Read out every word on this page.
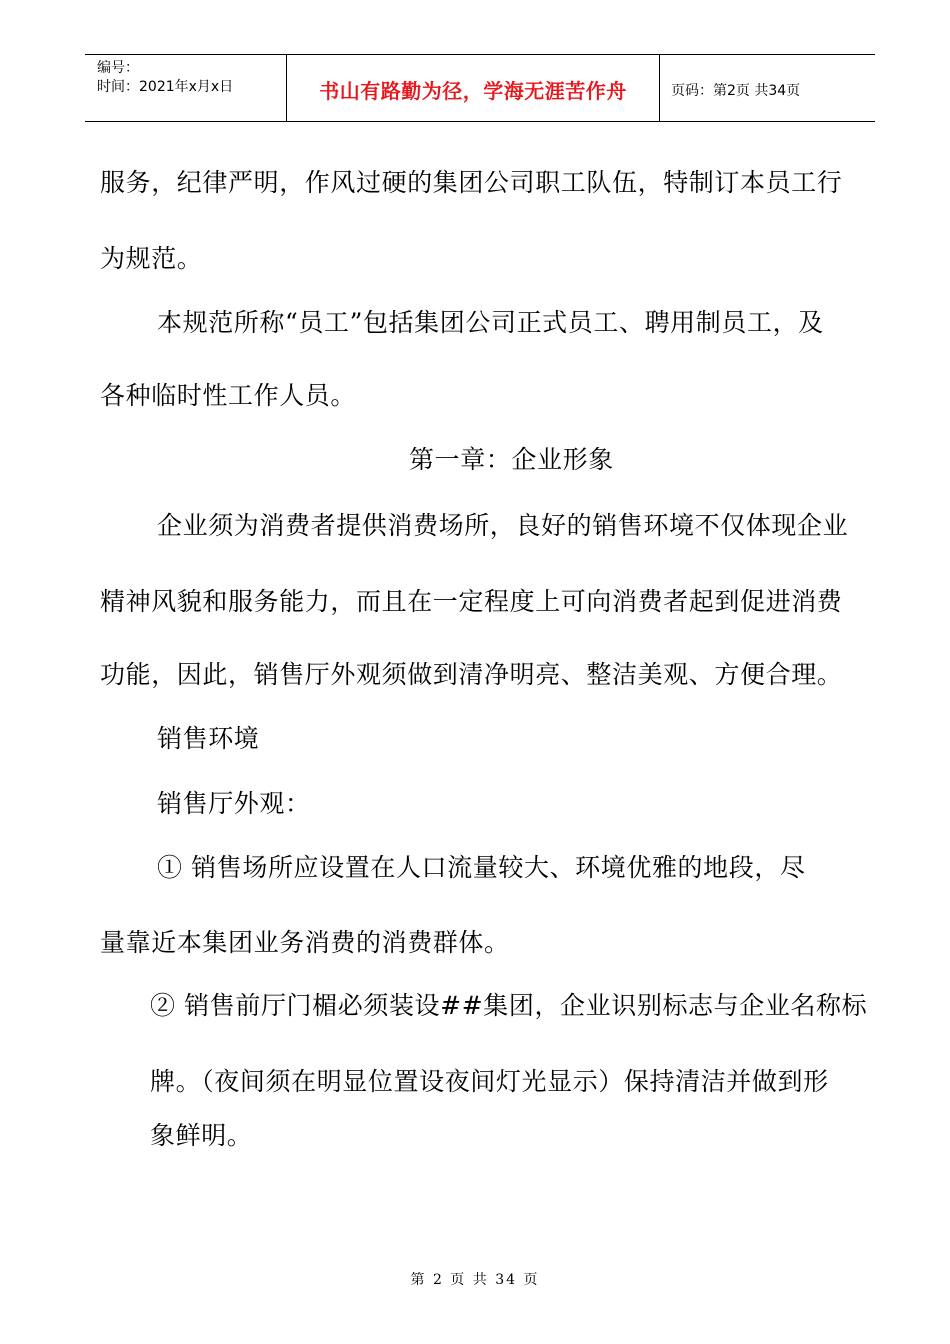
编号：
时间：2021年x月x日	书山有路勤为径，学海无涯苦作舟	页码：第2页 共34页
服务，纪律严明，作风过硬的集团公司职工队伍，特制订本员工行
为规范。
本规范所称“员工”包括集团公司正式员工、聘用制员工，及
各种临时性工作人员。
第一章：企业形象
企业须为消费者提供消费场所，良好的销售环境不仅体现企业
精神风貌和服务能力，而且在一定程度上可向消费者起到促进消费
功能，因此，销售厅外观须做到清净明亮、整洁美观、方便合理。
销售环境
销售厅外观：
① 销售场所应设置在人口流量较大、环境优雅的地段，尽
量靠近本集团业务消费的消费群体。
② 销售前厅门楣必须装设##集团，企业识别标志与企业名称标
牌。（夜间须在明显位置设夜间灯光显示）保持清洁并做到形
象鲜明。
第 2 页 共 34 页
